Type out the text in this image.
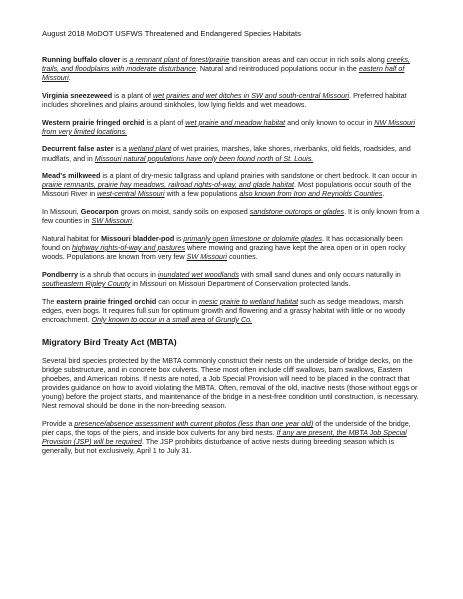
August 2018 MoDOT USFWS Threatened and Endangered Species Habitats

Running buffalo clover is a remnant plant of forest/prairie transition areas and can occur in rich soils along creeks, trails, and floodplains with moderate disturbance. Natural and reintroduced populations occur in the eastern half of Missouri.

Virginia sneezeweed is a plant of wet prairies and wet ditches in SW and south-central Missouri. Preferred habitat includes shorelines and plains around sinkholes, low lying fields and wet meadows.

Western prairie fringed orchid is a plant of wet prairie and meadow habitat and only known to occur in NW Missouri from very limited locations.

Decurrent false aster is a wetland plant of wet prairies, marshes, lake shores, riverbanks, old fields, roadsides, and mudflats, and in Missouri natural populations have only been found north of St. Louis.

Mead's milkweed is a plant of dry-mesic tallgrass and upland prairies with sandstone or chert bedrock. It can occur in prairie remnants, prairie hay meadows, railroad rights-of-way, and glade habitat. Most populations occur south of the Missouri River in west-central Missouri with a few populations also known from Iron and Reynolds Counties.

In Missouri, Geocarpon grows on moist, sandy soils on exposed sandstone outcrops or glades. It is only known from a few counties in SW Missouri.

Natural habitat for Missouri bladder-pod is primarily open limestone or dolomite glades. It has occasionally been found on highway rights-of-way and pastures where mowing and grazing have kept the area open or in open rocky woods. Populations are known from very few SW Missouri counties.

Pondberry is a shrub that occurs in inundated wet woodlands with small sand dunes and only occurs naturally in southeastern Ripley County in Missouri on Missouri Department of Conservation protected lands.

The eastern prairie fringed orchid can occur in mesic prairie to wetland habitat such as sedge meadows, marsh edges, even bogs. It requires full sun for optimum growth and flowering and a grassy habitat with little or no woody encroachment. Only known to occur in a small area of Grundy Co.

Migratory Bird Treaty Act (MBTA)

Several bird species protected by the MBTA commonly construct their nests on the underside of bridge decks, on the bridge substructure, and in concrete box culverts. These most often include cliff swallows, barn swallows, Eastern phoebes, and American robins. If nests are noted, a Job Special Provision will need to be placed in the contract that provides guidance on how to avoid violating the MBTA. Often, removal of the old, inactive nests (those without eggs or young) before the project starts, and maintenance of the bridge in a nest-free condition until construction, is necessary. Nest removal should be done in the non-breeding season.

Provide a presence/absence assessment with current photos (less than one year old) of the underside of the bridge, pier caps, the tops of the piers, and inside box culverts for any bird nests. If any are present, the MBTA Job Special Provision (JSP) will be required. The JSP prohibits disturbance of active nests during breeding season which is generally, but not exclusively, April 1 to July 31.
